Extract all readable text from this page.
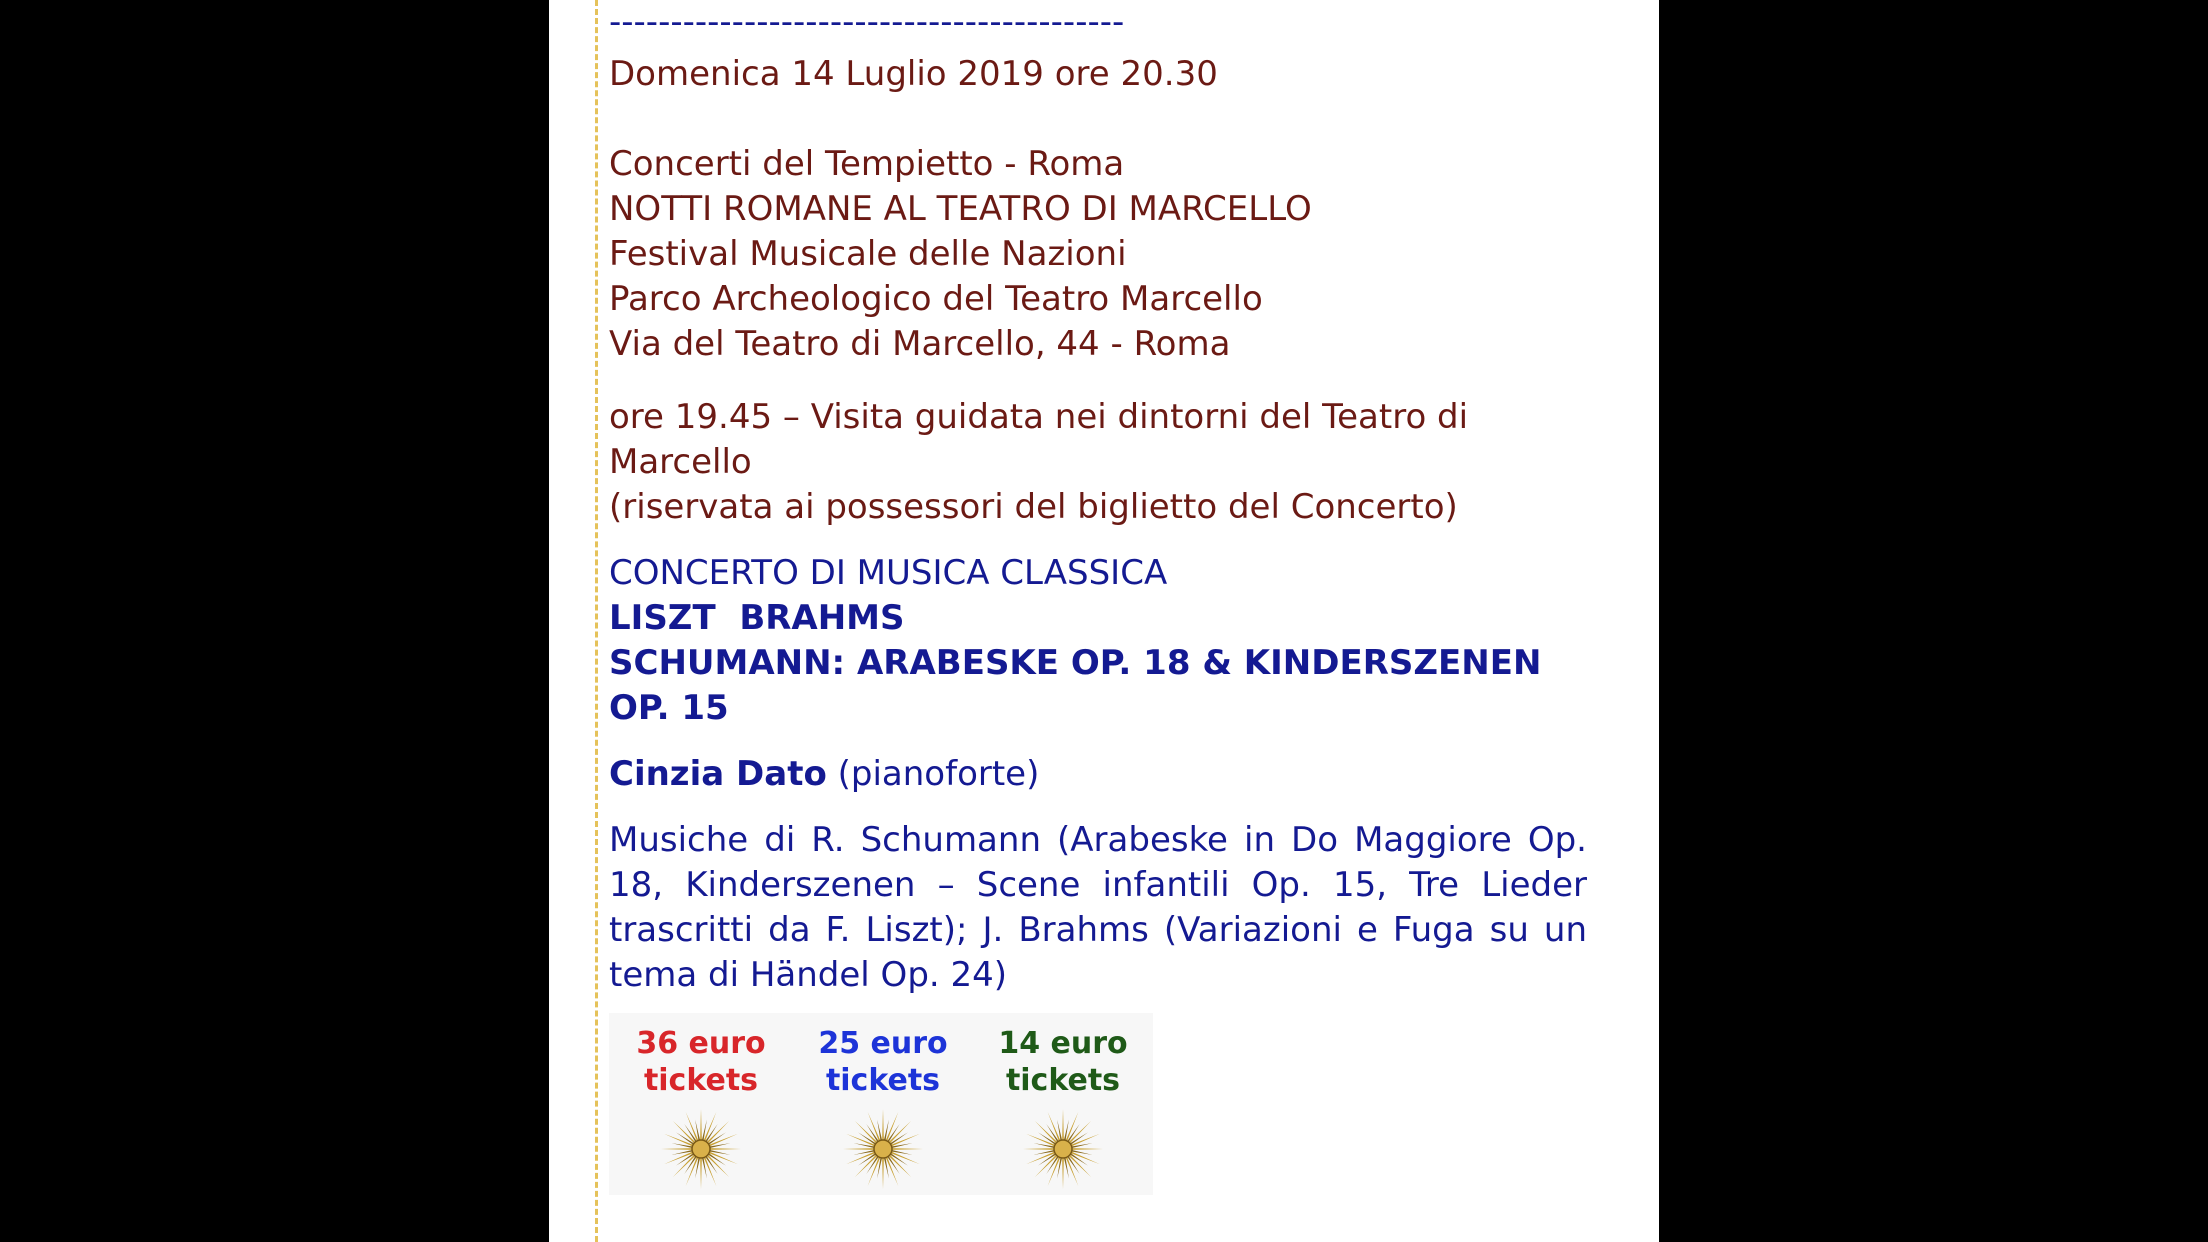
------------------------------------------
Domenica 14 Luglio 2019 ore 20.30
Concerti del Tempietto - Roma
NOTTI ROMANE AL TEATRO DI MARCELLO
Festival Musicale delle Nazioni
Parco Archeologico del Teatro Marcello
Via del Teatro di Marcello, 44 - Roma
ore 19.45 – Visita guidata nei dintorni del Teatro di
Marcello
(riservata ai possessori del biglietto del Concerto)
CONCERTO DI MUSICA CLASSICA
LISZT  BRAHMS
SCHUMANN: ARABESKE OP. 18 & KINDERSZENEN
OP. 15
Cinzia Dato (pianoforte)
Musiche di R. Schumann (Arabeske in Do Maggiore Op. 18, Kinderszenen – Scene infantili Op. 15, Tre Lieder trascritti da F. Liszt); J. Brahms (Variazioni e Fuga su un tema di Händel Op. 24)
36 euro
tickets
25 euro
tickets
14 euro
tickets
